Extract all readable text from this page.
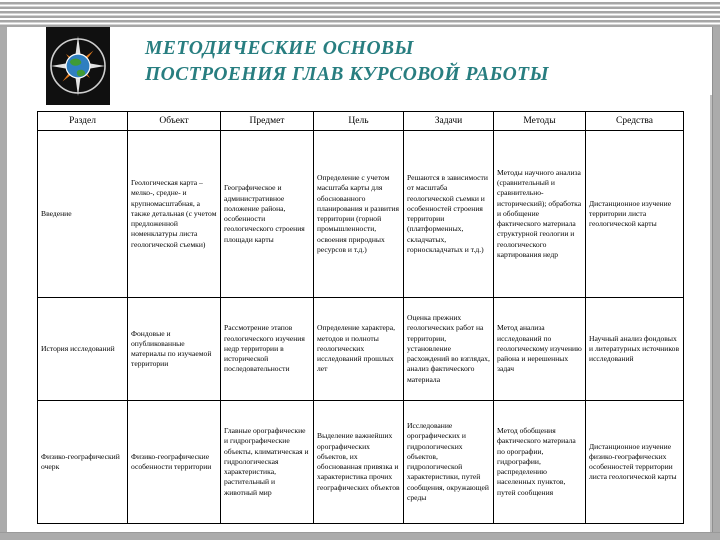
МЕТОДИЧЕСКИЕ ОСНОВЫ
ПОСТРОЕНИЯ ГЛАВ КУРСОВОЙ РАБОТЫ
Раздел	Объект	Предмет	Цель	Задачи	Методы	Средства
Введение	Геологическая карта – мелко-, средне- и крупномасштабная, а также детальная (с учетом предложенной номенклатуры листа геологической съемки)	Географическое и административное положение района, особенности геологического строения площади карты	Определение с учетом масштаба карты для обоснованного планирования и развития территории (горной промышленности, освоения природных ресурсов и т.д.)	Решаются в зависимости от масштаба геологической съемки и особенностей строения территории (платформенных, складчатых, горноскладчатых и т.д.)	Методы научного анализа (сравнительный и сравнительно-исторический); обработка и обобщение фактического материала структурной геологии и геологического картирования недр	Дистанционное изучение территории листа геологической карты
История исследований	Фондовые и опубликованные материалы по изучаемой территории	Рассмотрение этапов геологического изучения недр территории в исторической последовательности	Определение характера, методов и полноты геологических исследований прошлых лет	Оценка прежних геологических работ на территории, установление расхождений во взглядах, анализ фактического материала	Метод анализа исследований по геологическому изучению района и нерешенных задач	Научный анализ фондовых и литературных источников исследований
Физико-географический очерк	Физико-географические особенности территории	Главные орографические и гидрографические объекты, климатическая и гидрологическая характеристика, растительный и животный мир	Выделение важнейших орографических объектов, их обоснованная привязка и характеристика прочих географических объектов	Исследование орографических и гидрологических объектов, гидрологической характеристики, путей сообщения, окружающей среды	Метод обобщения фактического материала по орографии, гидрографии, распределению населенных пунктов, путей сообщения	Дистанционное изучение физико-географических особенностей территории листа геологической карты
